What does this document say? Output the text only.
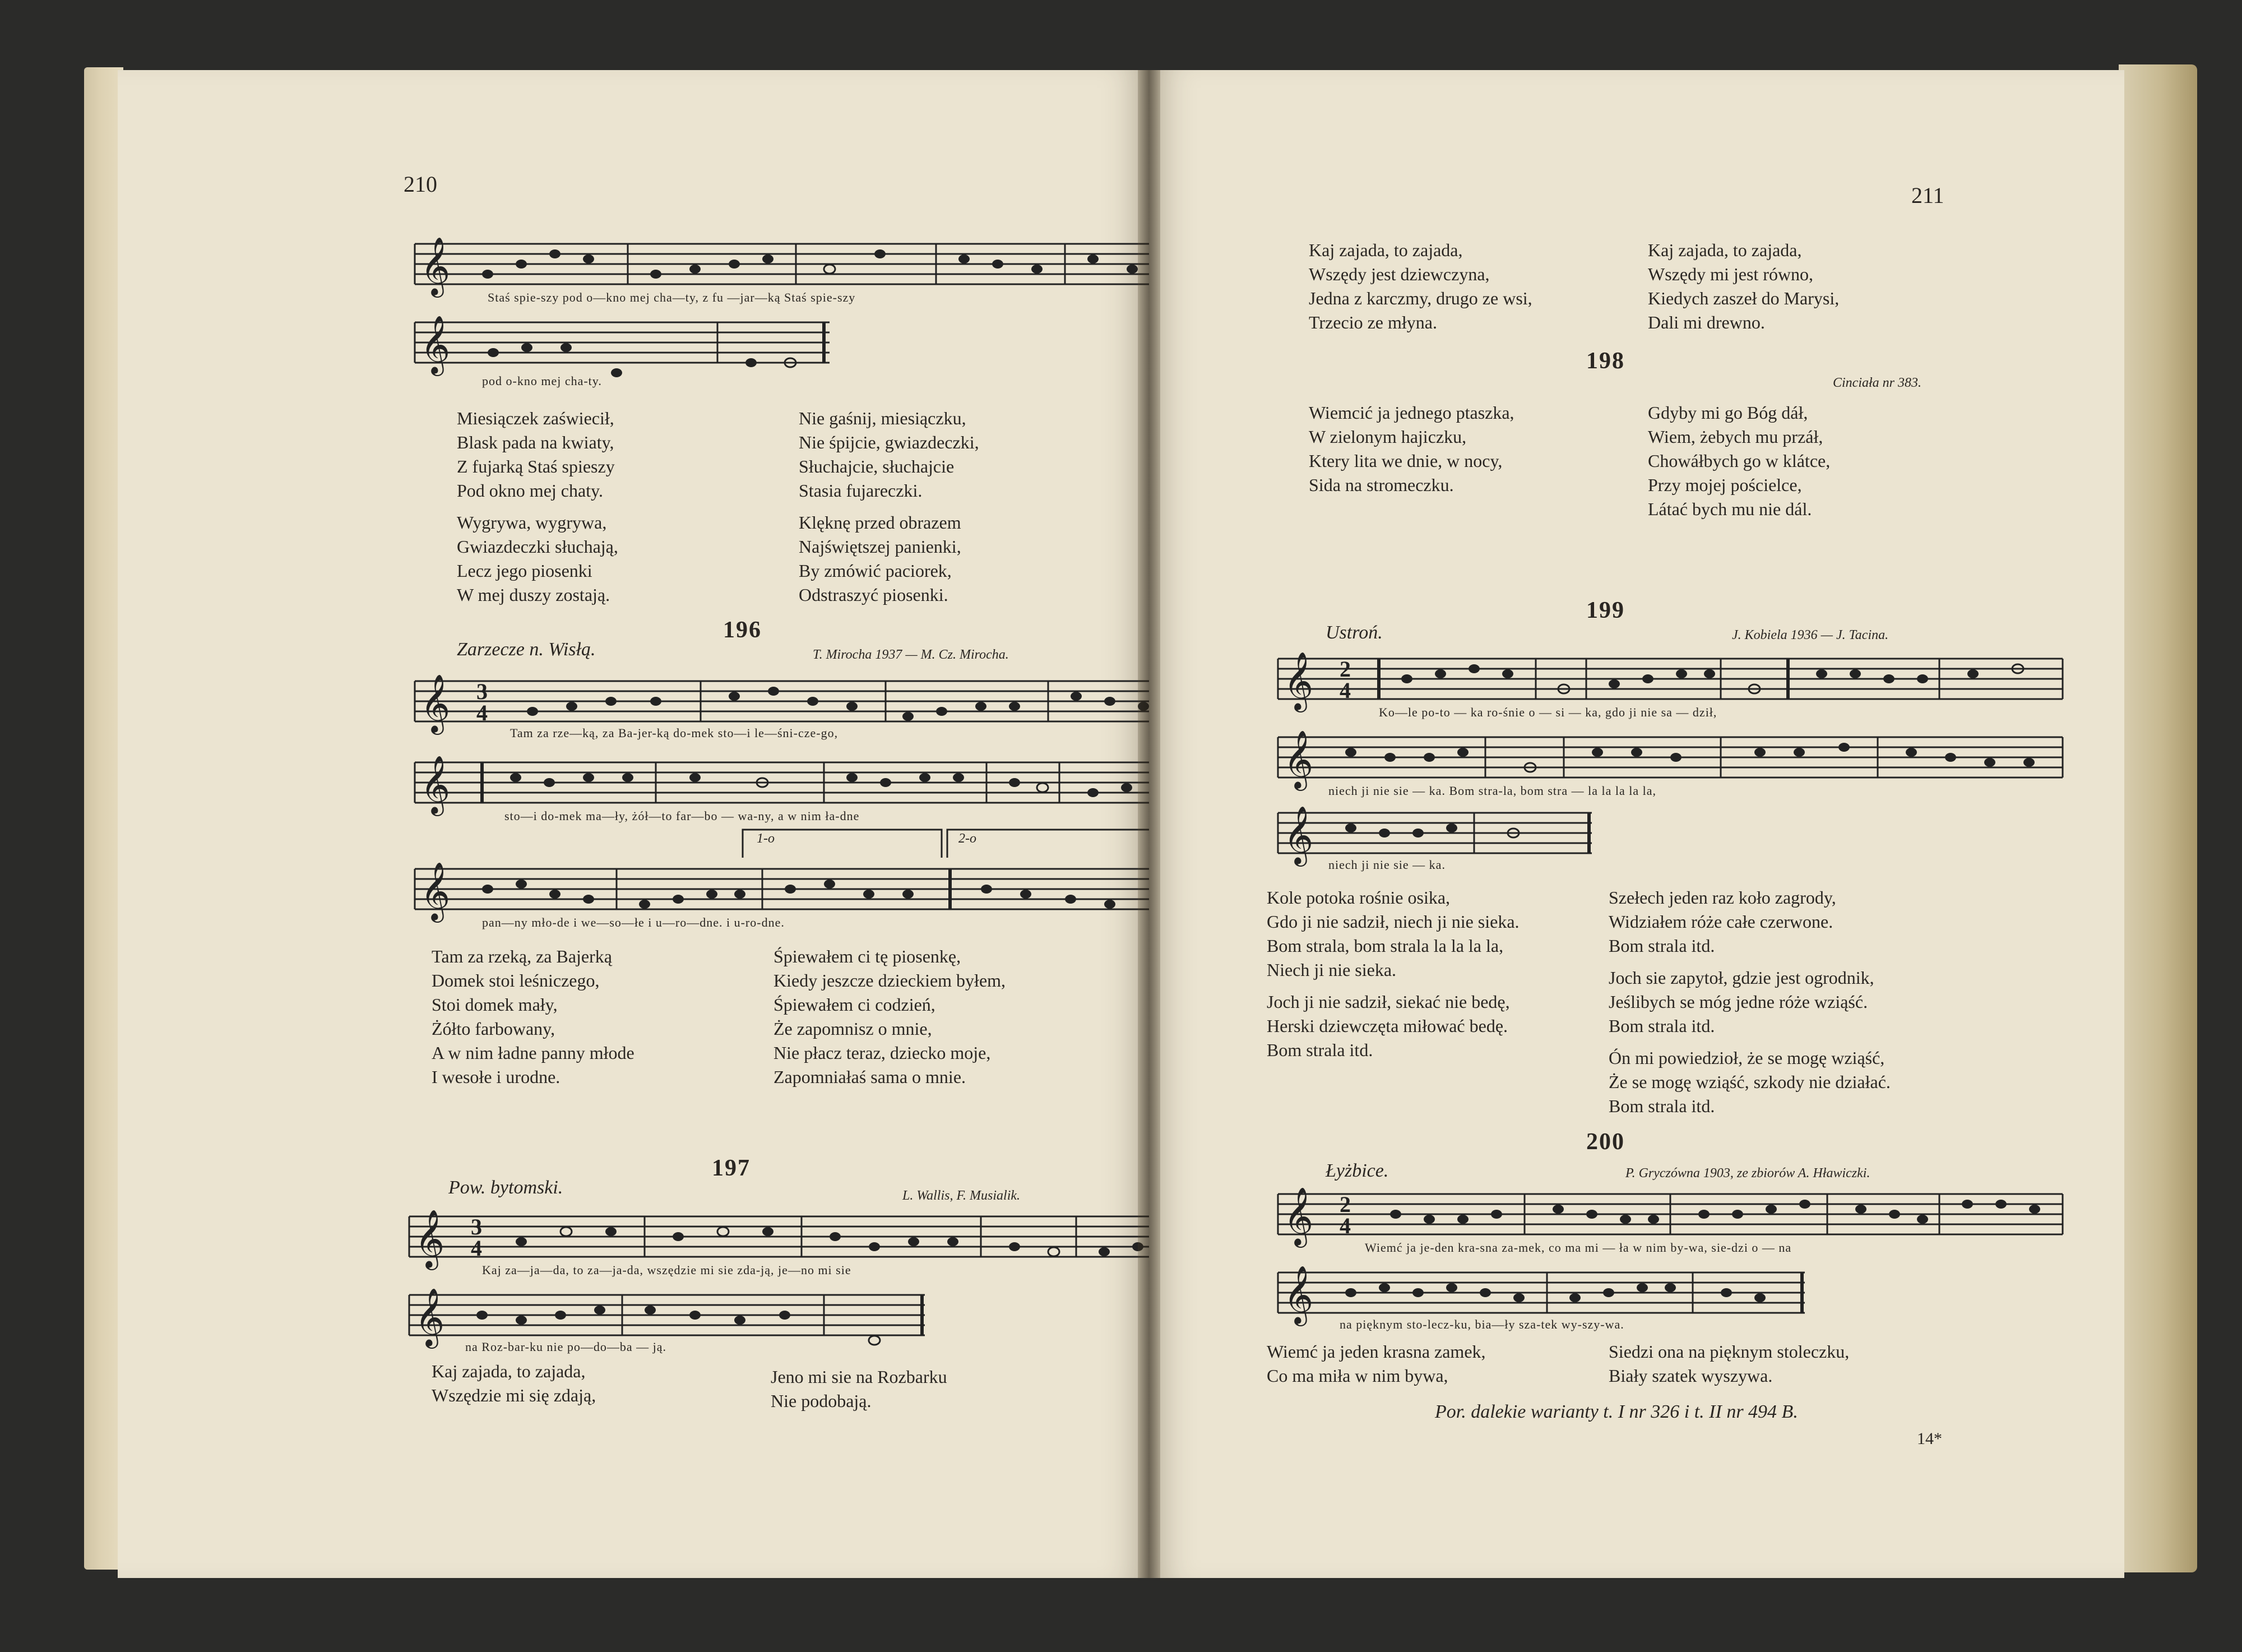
210
𝄞
Staś spie-szy pod o—kno mej cha—ty, z fu —jar—ką Staś spie-szy
𝄞
pod o-kno mej cha-ty.
Miesiączek zaświecił,
Blask pada na kwiaty,
Z fujarką Staś spieszy
Pod okno mej chaty.
Wygrywa, wygrywa,
Gwiazdeczki słuchają,
Lecz jego piosenki
W mej duszy zostają.
Nie gaśnij, miesiączku,
Nie śpijcie, gwiazdeczki,
Słuchajcie, słuchajcie
Stasia fujareczki.
Klęknę przed obrazem
Najświętszej panienki,
By zmówić paciorek,
Odstraszyć piosenki.
196
Zarzecze n. Wisłą.	T. Mirocha 1937 — M. Cz. Mirocha.
𝄞 3
4
Tam za rze—ką, za Ba-jer-ką do-mek sto—i le—śni-cze-go,
𝄞
sto—i do-mek ma—ły, żół—to far—bo — wa-ny, a w nim ła-dne
1-o	2-o
𝄞
pan—ny mło-de i we—so—łe i u—ro—dne. i u-ro-dne.
Tam za rzeką, za Bajerką
Domek stoi leśniczego,
Stoi domek mały,
Żółto farbowany,
A w nim ładne panny młode
I wesołe i urodne.
Śpiewałem ci tę piosenkę,
Kiedy jeszcze dzieckiem byłem,
Śpiewałem ci codzień,
Że zapomnisz o mnie,
Nie płacz teraz, dziecko moje,
Zapomniałaś sama o mnie.
197
Pow. bytomski.	L. Wallis, F. Musialik.
𝄞 3
4
Kaj za—ja—da, to za—ja-da, wszędzie mi sie zda-ją, je—no mi sie
𝄞
na Roz-bar-ku nie po—do—ba — ją.
Kaj zajada, to zajada,
Wszędzie mi się zdają,
Jeno mi sie na Rozbarku
Nie podobają.
211
Kaj zajada, to zajada,
Wszędy jest dziewczyna,
Jedna z karczmy, drugo ze wsi,
Trzecio ze młyna.
Kaj zajada, to zajada,
Wszędy mi jest równo,
Kiedych zaszeł do Marysi,
Dali mi drewno.
198
Cinciała nr 383.
Wiemcić ja jednego ptaszka,
W zielonym hajiczku,
Ktery lita we dnie, w nocy,
Sida na stromeczku.
Gdyby mi go Bóg dáł,
Wiem, żebych mu przáł,
Chowáłbych go w klátce,
Przy mojej pościelce,
Látać bych mu nie dál.
199
Ustroń.	J. Kobiela 1936 — J. Tacina.
𝄞 2
4
Ko—le po-to — ka ro-śnie o — si — ka, gdo ji nie sa — dził,
𝄞
niech ji nie sie — ka. Bom stra-la, bom stra — la la la la la,
𝄞
niech ji nie sie — ka.
Kole potoka rośnie osika,
Gdo ji nie sadził, niech ji nie sieka.
Bom strala, bom strala la la la la,
Niech ji nie sieka.
Joch ji nie sadził, siekać nie bedę,
Herski dziewczęta miłować bedę.
Bom strala itd.
Szełech jeden raz koło zagrody,
Widziałem róże całe czerwone.
Bom strala itd.
Joch sie zapytoł, gdzie jest ogrodnik,
Jeślibych se móg jedne róże wziąść.
Bom strala itd.
Ón mi powiedzioł, że se mogę wziąść,
Że se mogę wziąść, szkody nie działać.
Bom strala itd.
200
Łyżbice.	P. Gryczówna 1903, ze zbiorów A. Hławiczki.
𝄞 2
4
Wiemć ja je-den kra-sna za-mek, co ma mi — ła w nim by-wa, sie-dzi o — na
𝄞
na pięknym sto-lecz-ku, bia—ły sza-tek wy-szy-wa.
Wiemć ja jeden krasna zamek,
Co ma miła w nim bywa,
Siedzi ona na pięknym stoleczku,
Biały szatek wyszywa.
Por. dalekie warianty t. I nr 326 i t. II nr 494 B.
14*
